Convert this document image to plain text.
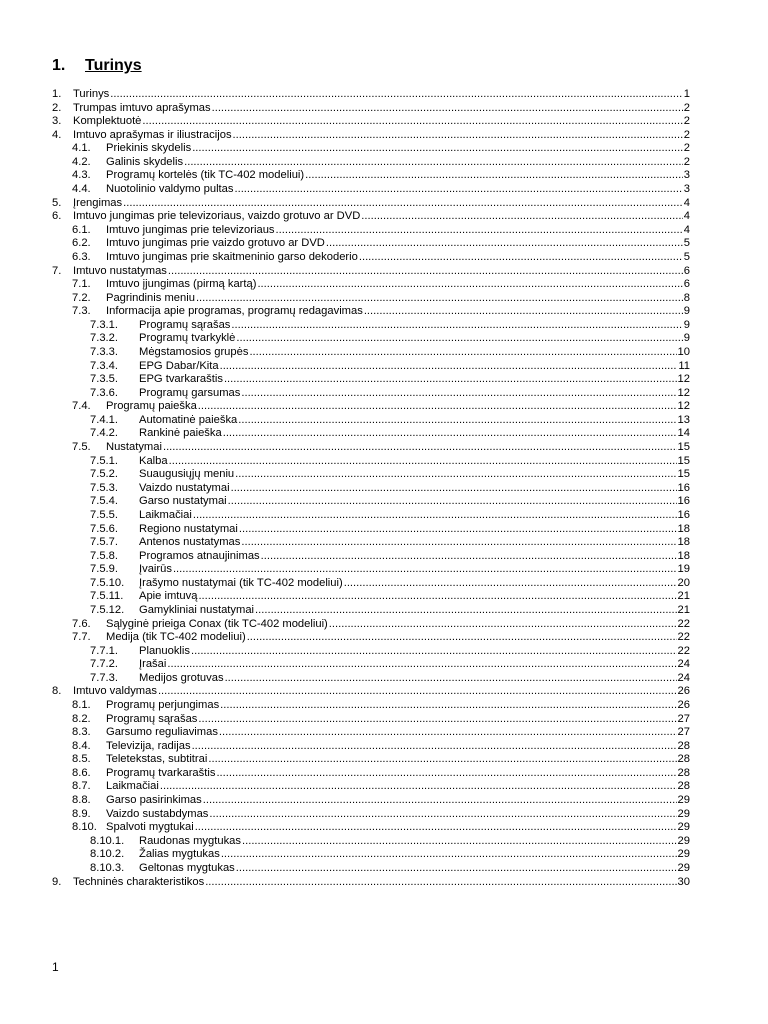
1.	Turinys
1. Turinys .....	1
2. Trumpas imtuvo aprašymas .....	2
3. Komplektuotė .....	2
4. Imtuvo aprašymas ir iliustracijos .....	2
4.1. Priekinis skydelis .....	2
4.2. Galinis skydelis .....	2
4.3. Programų kortelės (tik TC-402 modeliui) .....	3
4.4. Nuotolinio valdymo pultas .....	3
5. Įrengimas .....	4
6. Imtuvo jungimas prie televizoriaus, vaizdo grotuvo ar DVD .....	4
6.1. Imtuvo jungimas prie televizoriaus .....	4
6.2. Imtuvo jungimas prie vaizdo grotuvo ar DVD .....	5
6.3. Imtuvo jungimas prie skaitmeninio garso dekoderio .....	5
7. Imtuvo nustatymas .....	6
7.1. Imtuvo įjungimas (pirmą kartą) .....	6
7.2. Pagrindinis meniu .....	8
7.3. Informacija apie programas, programų redagavimas .....	9
7.3.1. Programų sąrašas .....	9
7.3.2. Programų tvarkyklė .....	9
7.3.3. Mėgstamosios grupės .....	10
7.3.4. EPG Dabar/Kita .....	11
7.3.5. EPG tvarkaraštis .....	12
7.3.6. Programų garsumas .....	12
7.4. Programų paieška .....	12
7.4.1. Automatinė paieška .....	13
7.4.2. Rankinė paieška .....	14
7.5. Nustatymai .....	15
7.5.1. Kalba .....	15
7.5.2. Suaugusiųjų meniu .....	15
7.5.3. Vaizdo nustatymai .....	16
7.5.4. Garso nustatymai .....	16
7.5.5. Laikmačiai .....	16
7.5.6. Regiono nustatymai .....	18
7.5.7. Antenos nustatymas .....	18
7.5.8. Programos atnaujinimas .....	18
7.5.9. Įvairūs .....	19
7.5.10. Įrašymo nustatymai (tik TC-402 modeliui) .....	20
7.5.11. Apie imtuvą .....	21
7.5.12. Gamykliniai nustatymai .....	21
7.6. Sąlyginė prieiga Conax (tik TC-402 modeliui) .....	22
7.7. Medija (tik TC-402 modeliui) .....	22
7.7.1. Planuoklis .....	22
7.7.2. Įrašai .....	24
7.7.3. Medijos grotuvas .....	24
8. Imtuvo valdymas .....	26
8.1. Programų perjungimas .....	26
8.2. Programų sąrašas .....	27
8.3. Garsumo reguliavimas .....	27
8.4. Televizija, radijas .....	28
8.5. Teletekstas, subtitrai .....	28
8.6. Programų tvarkaraštis .....	28
8.7. Laikmačiai .....	28
8.8. Garso pasirinkimas .....	29
8.9. Vaizdo sustabdymas .....	29
8.10. Spalvoti mygtukai .....	29
8.10.1. Raudonas mygtukas .....	29
8.10.2. Žalias mygtukas .....	29
8.10.3. Geltonas mygtukas .....	29
9. Techninės charakteristikos .....	30
1
